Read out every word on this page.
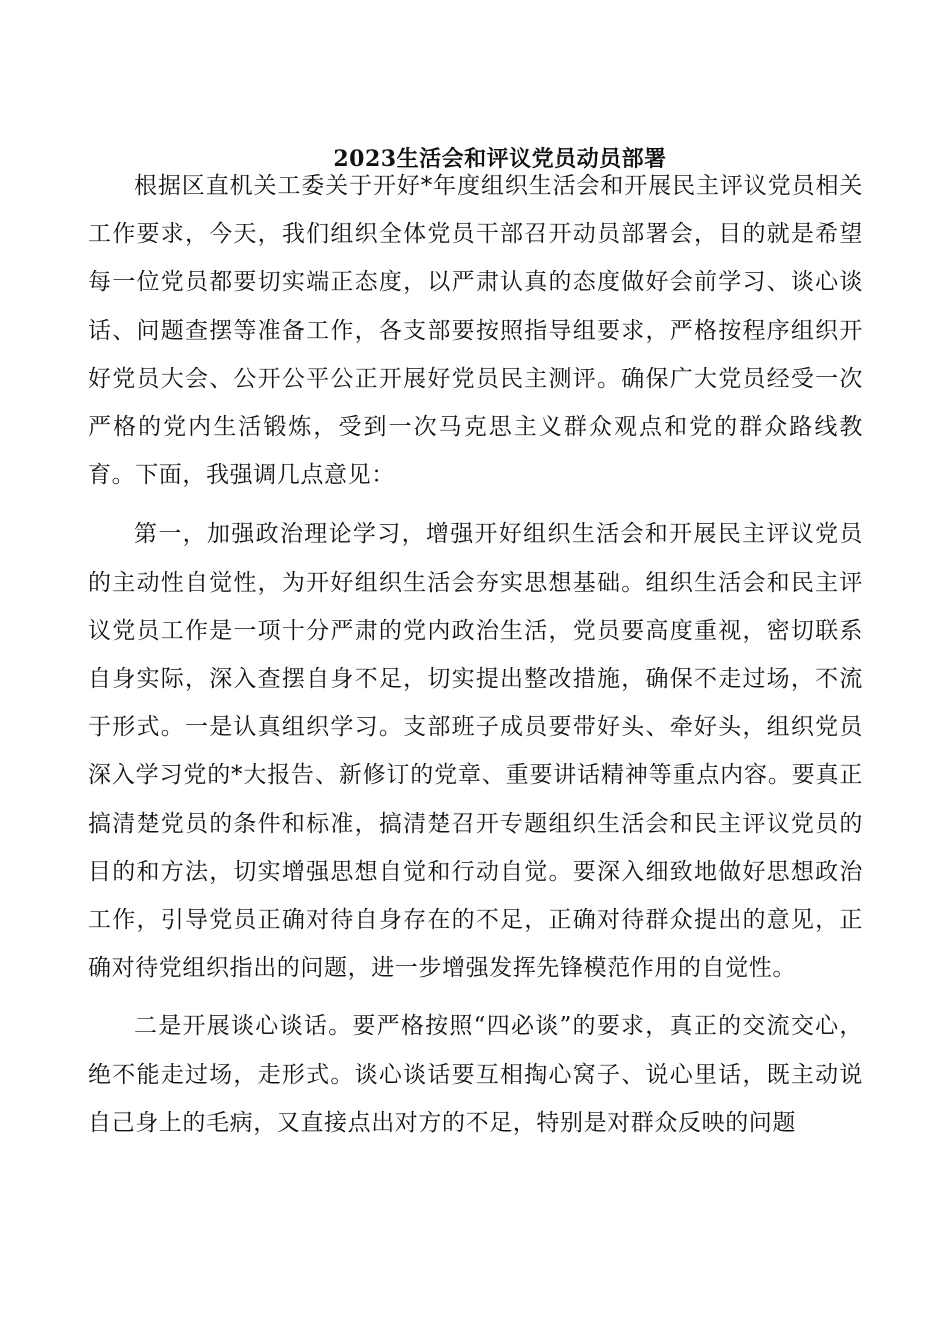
2023生活会和评议党员动员部署

根据区直机关工委关于开好*年度组织生活会和开展民主评议党员相关工作要求，今天，我们组织全体党员干部召开动员部署会，目的就是希望每一位党员都要切实端正态度，以严肃认真的态度做好会前学习、谈心谈话、问题查摆等准备工作，各支部要按照指导组要求，严格按程序组织开好党员大会、公开公平公正开展好党员民主测评。确保广大党员经受一次严格的党内生活锻炼，受到一次马克思主义群众观点和党的群众路线教育。下面，我强调几点意见：

第一，加强政治理论学习，增强开好组织生活会和开展民主评议党员的主动性自觉性，为开好组织生活会夯实思想基础。组织生活会和民主评议党员工作是一项十分严肃的党内政治生活，党员要高度重视，密切联系自身实际，深入查摆自身不足，切实提出整改措施，确保不走过场，不流于形式。一是认真组织学习。支部班子成员要带好头、牵好头，组织党员深入学习党的*大报告、新修订的党章、重要讲话精神等重点内容。要真正搞清楚党员的条件和标准，搞清楚召开专题组织生活会和民主评议党员的目的和方法，切实增强思想自觉和行动自觉。要深入细致地做好思想政治工作，引导党员正确对待自身存在的不足，正确对待群众提出的意见，正确对待党组织指出的问题，进一步增强发挥先锋模范作用的自觉性。

二是开展谈心谈话。要严格按照“四必谈”的要求，真正的交流交心，绝不能走过场，走形式。谈心谈话要互相掏心窝子、说心里话，既主动说自己身上的毛病，又直接点出对方的不足，特别是对群众反映的问题
